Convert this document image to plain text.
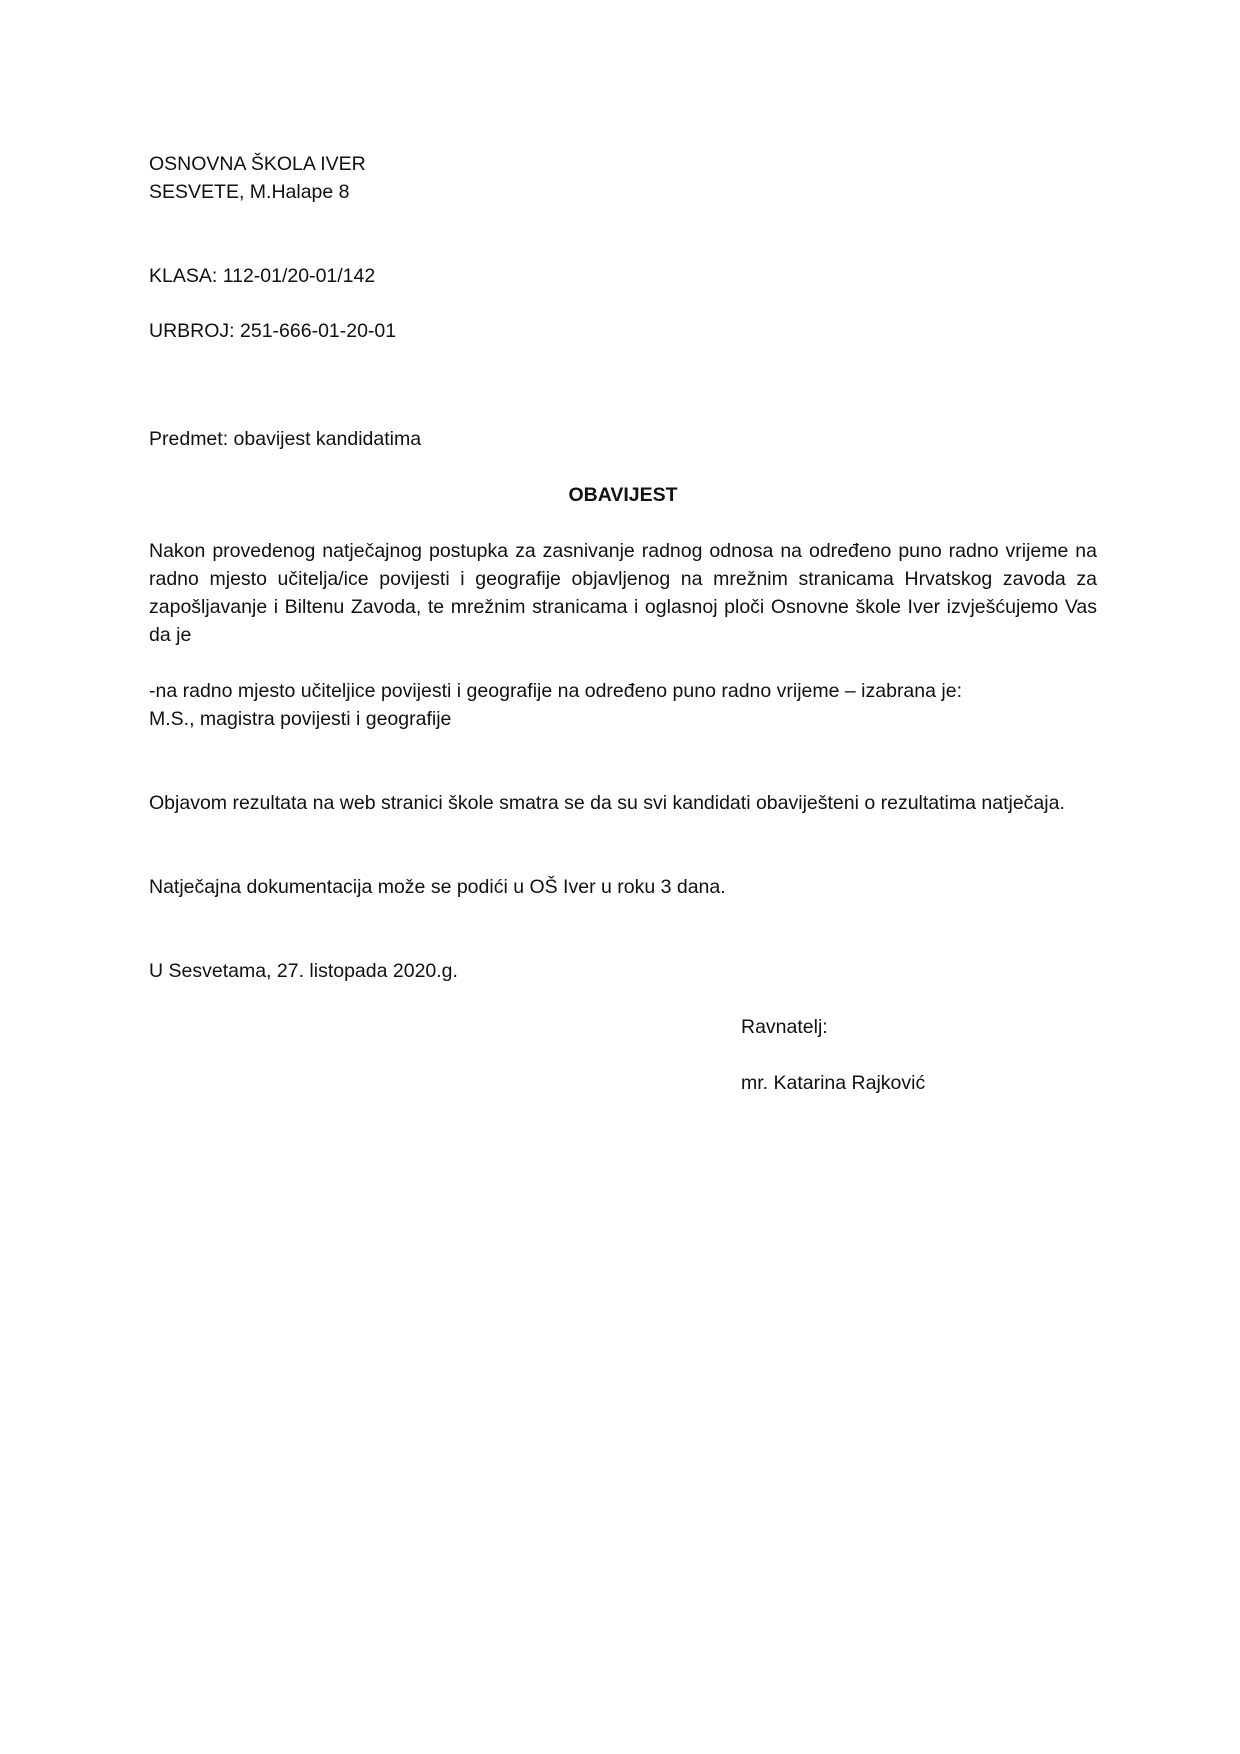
OSNOVNA ŠKOLA IVER
SESVETE, M.Halape 8
KLASA: 112-01/20-01/142
URBROJ: 251-666-01-20-01
Predmet: obavijest kandidatima
OBAVIJEST
Nakon provedenog natječajnog postupka za zasnivanje radnog odnosa na određeno puno radno vrijeme na radno mjesto učitelja/ice povijesti i geografije objavljenog na mrežnim stranicama Hrvatskog zavoda za zapošljavanje i Biltenu Zavoda, te mrežnim stranicama i oglasnoj ploči Osnovne škole Iver izvješćujemo Vas da je
-na radno mjesto učiteljice povijesti i geografije na određeno puno radno vrijeme – izabrana je:
M.S., magistra povijesti i geografije
Objavom rezultata na web stranici škole smatra se da su svi kandidati obaviješteni o rezultatima natječaja.
Natječajna dokumentacija može se podići u OŠ Iver u roku 3 dana.
U Sesvetama, 27. listopada 2020.g.
Ravnatelj:
mr. Katarina Rajković
